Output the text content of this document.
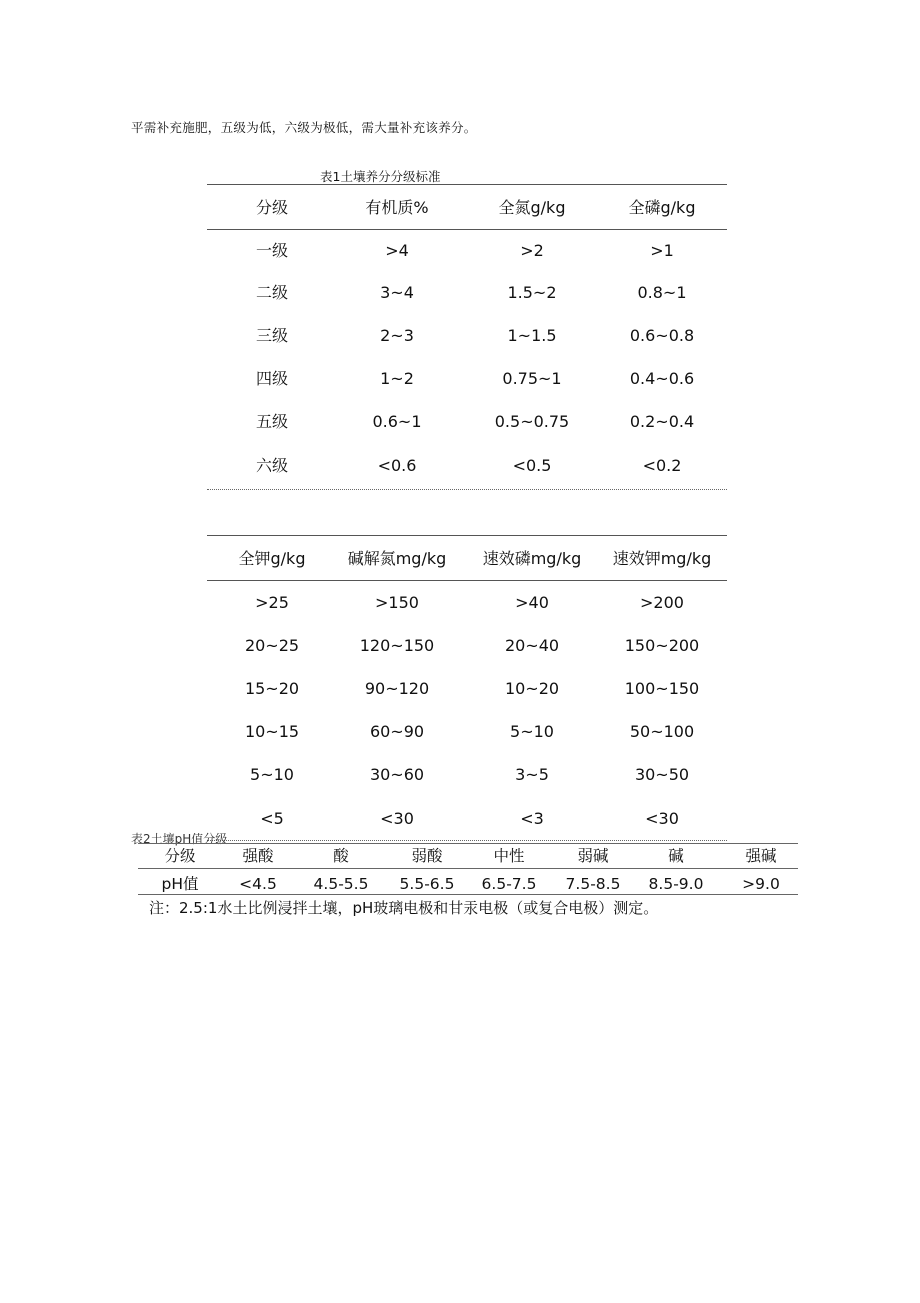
平需补充施肥，五级为低，六级为极低，需大量补充该养分。
表1土壤养分分级标准
分级	有机质%	全氮g/kg	全磷g/kg
一级	>4	>2	>1
二级	3~4	1.5~2	0.8~1
三级	2~3	1~1.5	0.6~0.8
四级	1~2	0.75~1	0.4~0.6
五级	0.6~1	0.5~0.75	0.2~0.4
六级	<0.6	<0.5	<0.2
全钾g/kg	碱解氮mg/kg	速效磷mg/kg	速效钾mg/kg
>25	>150	>40	>200
20~25	120~150	20~40	150~200
15~20	90~120	10~20	100~150
10~15	60~90	5~10	50~100
5~10	30~60	3~5	30~50
<5	<30	<3	<30
表2土壤pH值分级
分级	强酸	酸	弱酸	中性	弱碱	碱	强碱
pH值	<4.5	4.5-5.5	5.5-6.5	6.5-7.5	7.5-8.5	8.5-9.0	>9.0
注：2.5:1水土比例浸拌土壤，pH玻璃电极和甘汞电极（或复合电极）测定。
